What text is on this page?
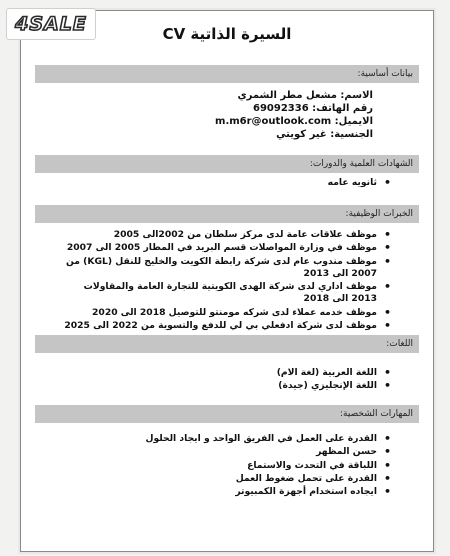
السيرة الذاتية CV
بيانات أساسية:
الاسم: مشعل مطر الشمري
رقم الهاتف: 69092336
الايميل: m.m6r@outlook.com
الجنسية: غير كويتي
الشهادات العلمية والدورات:
• ثانويه عامه
الخبرات الوظيفية:
• موظف علاقات عامة لدى مركز سلطان من 2002الى 2005
• موظف في وزارة المواصلات قسم البريد في المطار 2005 الى 2007
• موظف مندوب عام لدى شركة رابطة الكويت والخليج للنقل (KGL) من 2007 الى 2013
• موظف اداري لدى شركة الهدى الكويتية للتجارة العامة والمقاولات 2013 الى 2018
• موظف خدمه عملاء لدى شركه مومنتو للتوصيل 2018 الى 2020
• موظف لدى شركة ادفعلي بي لي للدفع والتسوية من 2022 الى 2025
اللغات:
• اللغة العربية (لغة الام)
• اللغة الإنجليزي (جيدة)
المهارات الشخصية:
• القدرة على العمل في الفريق الواحد و ايجاد الحلول
• حسن المظهر
• اللباقة في التحدث والاستماع
• القدرة على تحمل ضغوط العمل
• ايجاده استخدام أجهزة الكمبيوتر
4SALE
